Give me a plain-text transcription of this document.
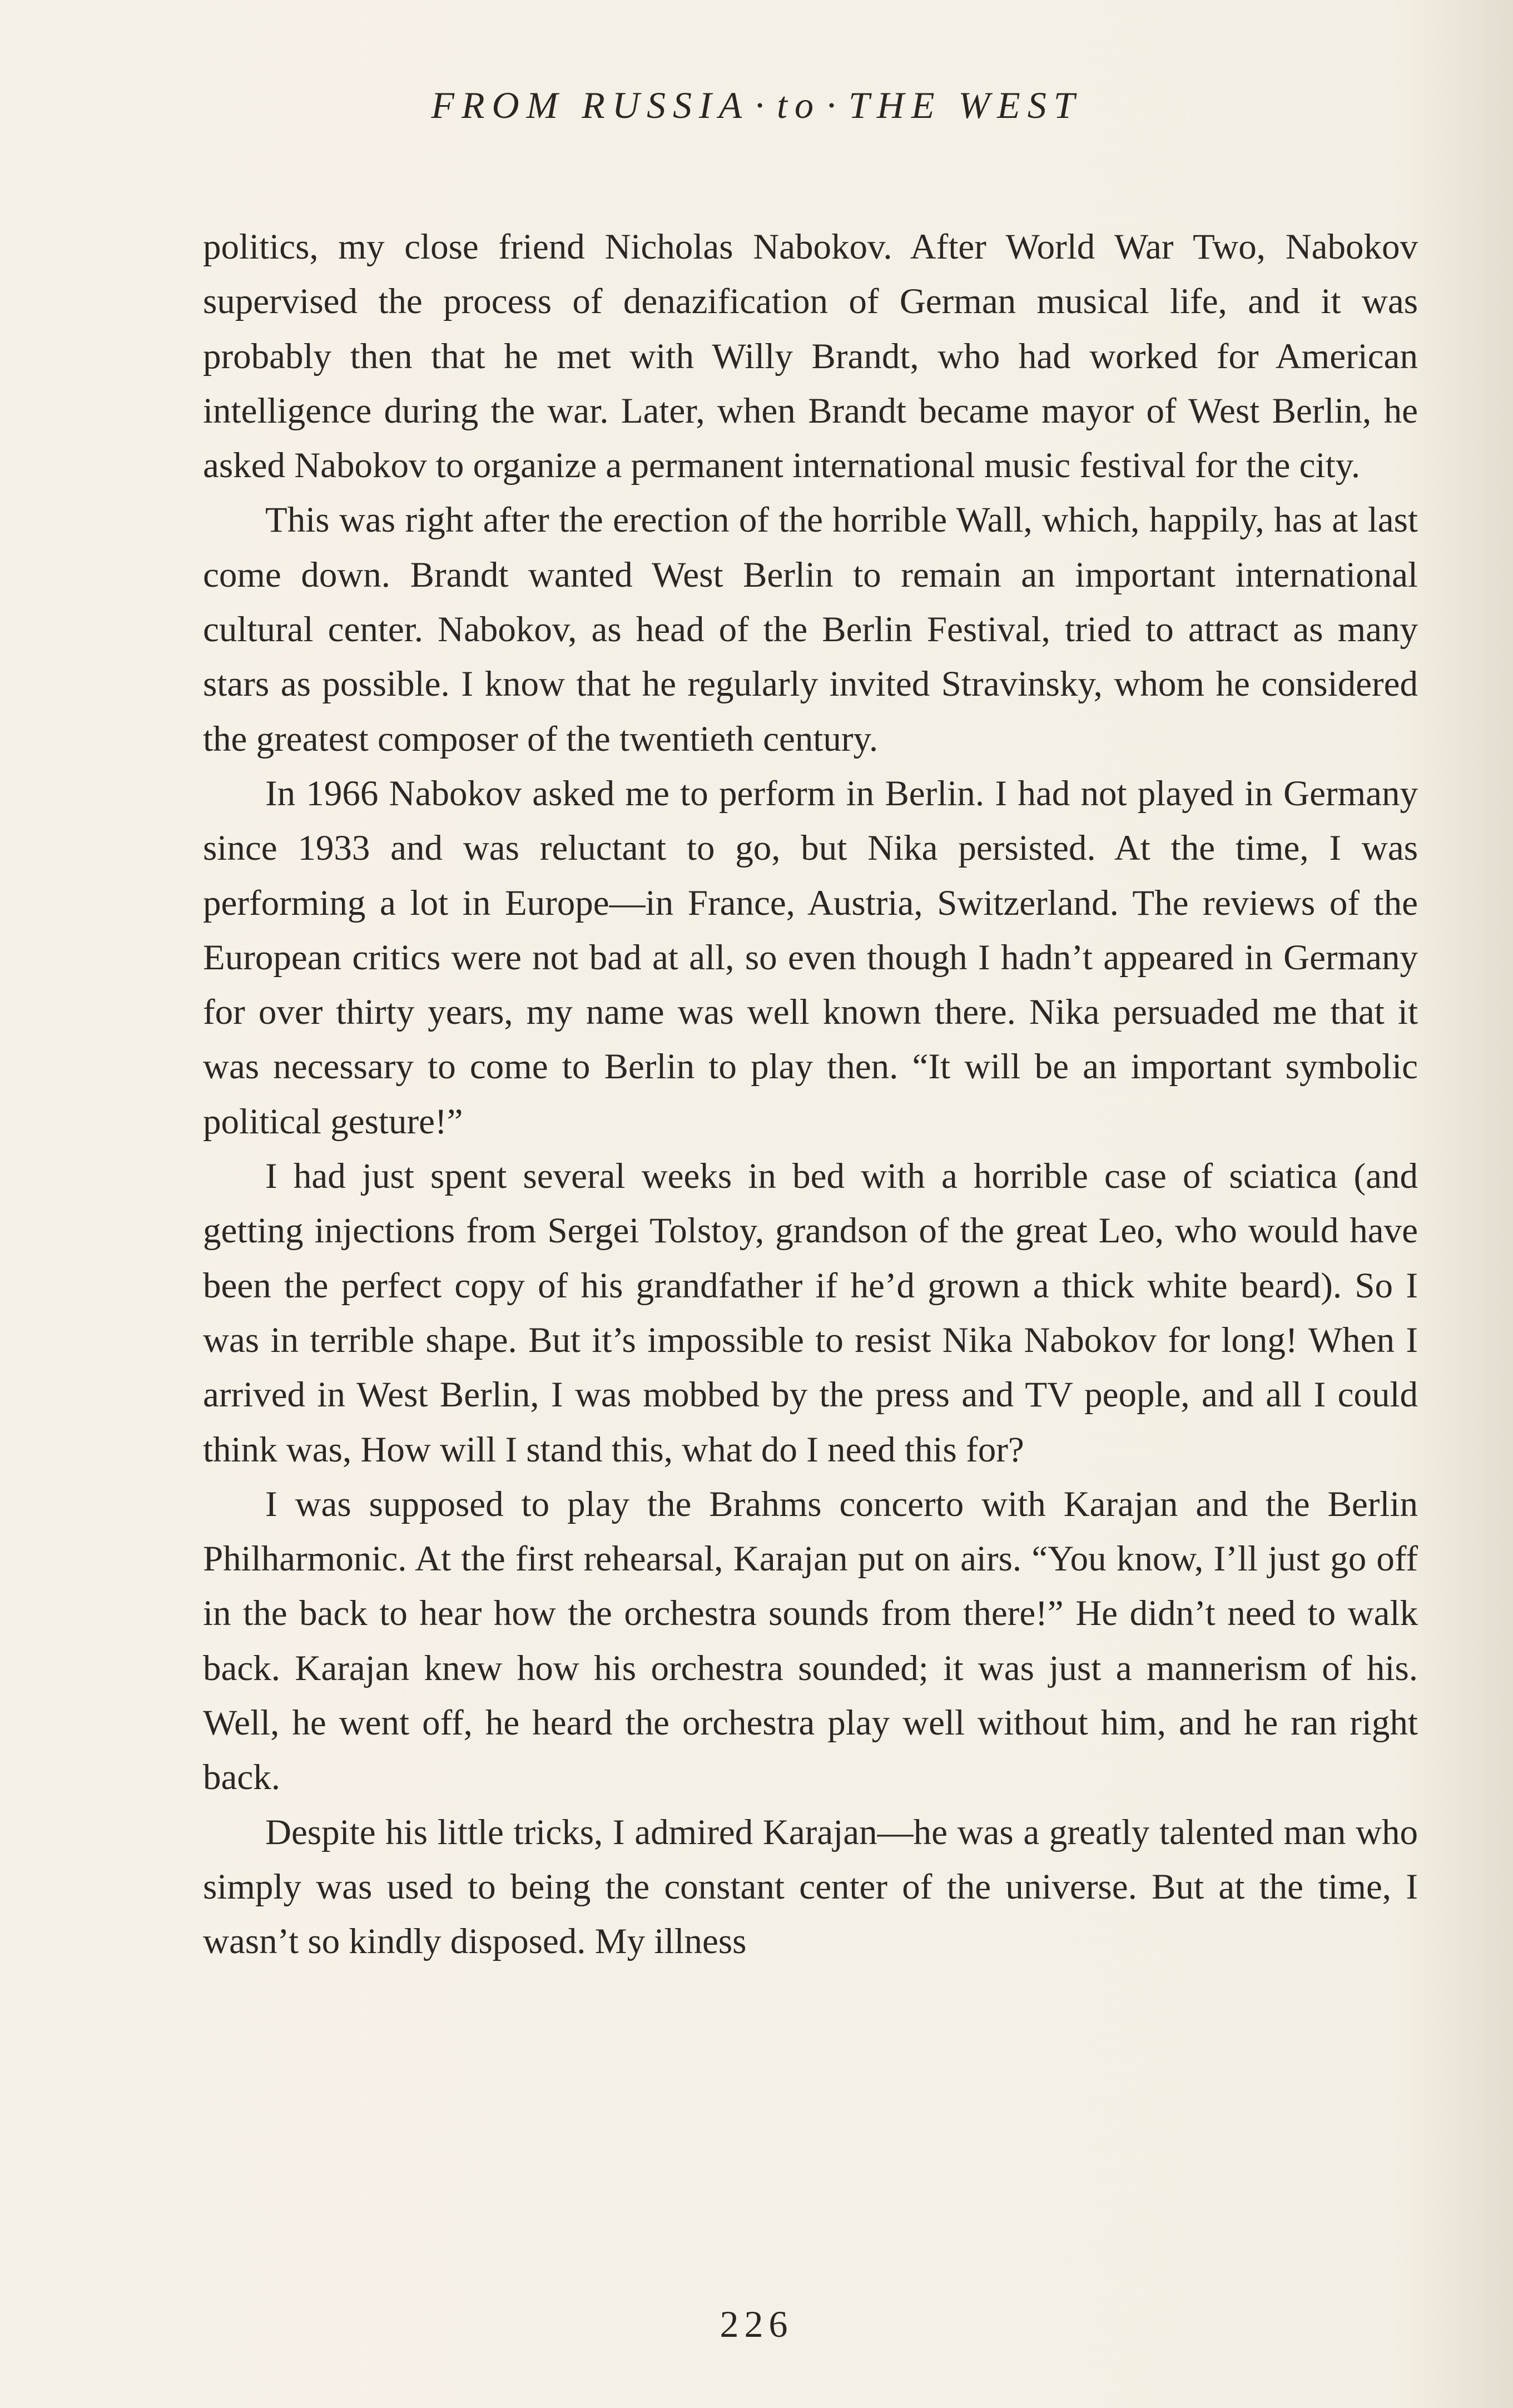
FROM RUSSIA · to · THE WEST

politics, my close friend Nicholas Nabokov. After World War Two, Nabokov supervised the process of denazification of German musical life, and it was probably then that he met with Willy Brandt, who had worked for American intelligence during the war. Later, when Brandt became mayor of West Berlin, he asked Nabokov to organize a permanent international music festival for the city.

This was right after the erection of the horrible Wall, which, happily, has at last come down. Brandt wanted West Berlin to remain an important international cultural center. Nabokov, as head of the Berlin Festival, tried to attract as many stars as possible. I know that he regularly invited Stravinsky, whom he considered the greatest composer of the twentieth century.

In 1966 Nabokov asked me to perform in Berlin. I had not played in Germany since 1933 and was reluctant to go, but Nika persisted. At the time, I was performing a lot in Europe—in France, Austria, Switzerland. The reviews of the European critics were not bad at all, so even though I hadn’t appeared in Germany for over thirty years, my name was well known there. Nika persuaded me that it was necessary to come to Berlin to play then. “It will be an important symbolic political gesture!”

I had just spent several weeks in bed with a horrible case of sciatica (and getting injections from Sergei Tolstoy, grandson of the great Leo, who would have been the perfect copy of his grandfather if he’d grown a thick white beard). So I was in terrible shape. But it’s impossible to resist Nika Nabokov for long! When I arrived in West Berlin, I was mobbed by the press and TV people, and all I could think was, How will I stand this, what do I need this for?

I was supposed to play the Brahms concerto with Karajan and the Berlin Philharmonic. At the first rehearsal, Karajan put on airs. “You know, I’ll just go off in the back to hear how the orchestra sounds from there!” He didn’t need to walk back. Karajan knew how his orchestra sounded; it was just a mannerism of his. Well, he went off, he heard the orchestra play well without him, and he ran right back.

Despite his little tricks, I admired Karajan—he was a greatly talented man who simply was used to being the constant center of the universe. But at the time, I wasn’t so kindly disposed. My illness

226
